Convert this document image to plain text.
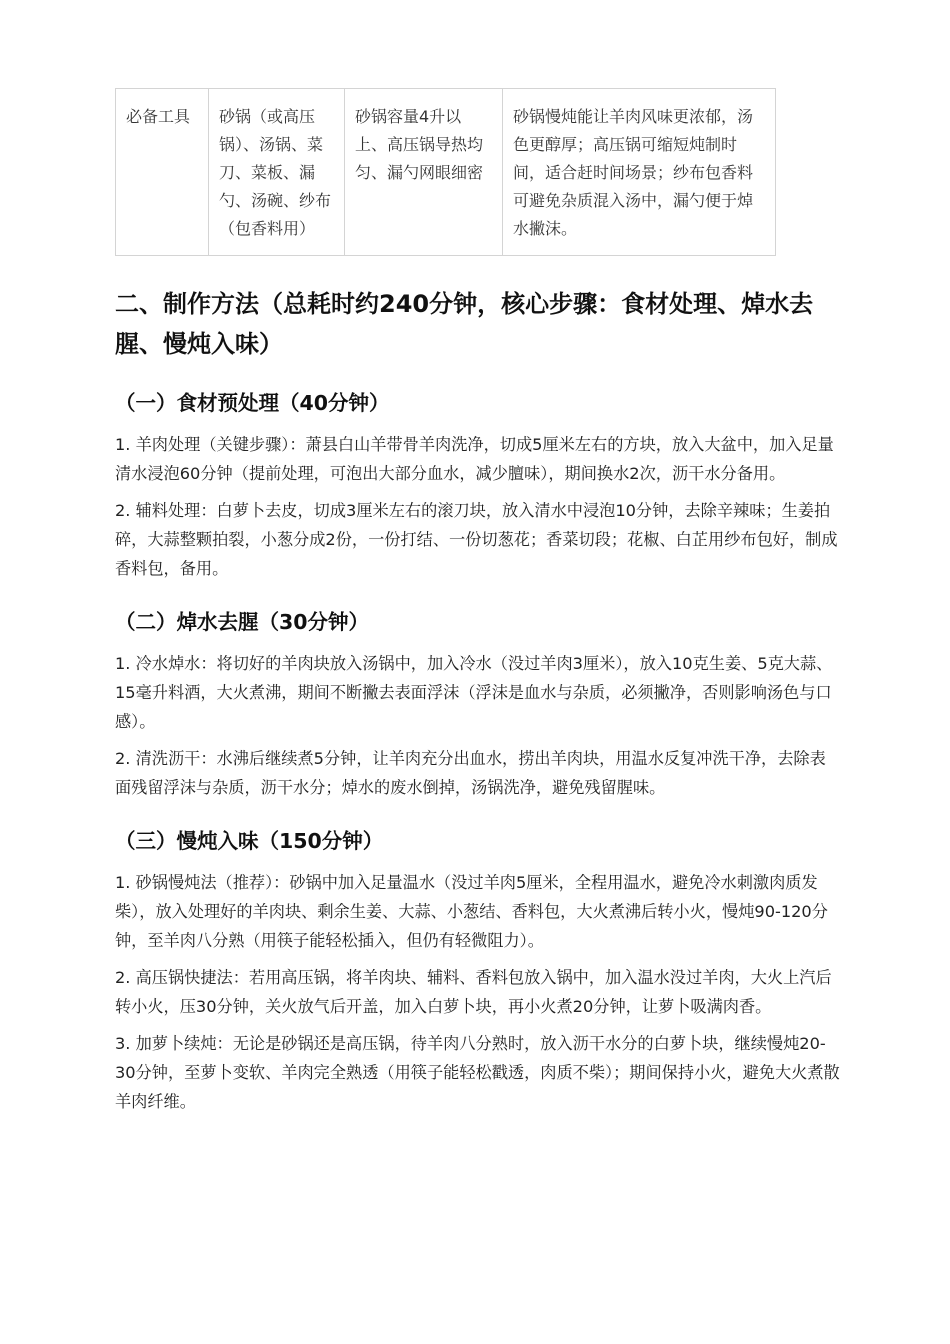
必备工具	砂锅（或高压锅）、汤锅、菜刀、菜板、漏勺、汤碗、纱布（包香料用）	砂锅容量4升以上、高压锅导热均匀、漏勺网眼细密	砂锅慢炖能让羊肉风味更浓郁，汤色更醇厚；高压锅可缩短炖制时间，适合赶时间场景；纱布包香料可避免杂质混入汤中，漏勺便于焯水撇沫。
二、制作方法（总耗时约240分钟，核心步骤：食材处理、焯水去腥、慢炖入味）
（一）食材预处理（40分钟）

1. 羊肉处理（关键步骤）：萧县白山羊带骨羊肉洗净，切成5厘米左右的方块，放入大盆中，加入足量清水浸泡60分钟（提前处理，可泡出大部分血水，减少膻味），期间换水2次，沥干水分备用。

2. 辅料处理：白萝卜去皮，切成3厘米左右的滚刀块，放入清水中浸泡10分钟，去除辛辣味；生姜拍碎，大蒜整颗拍裂，小葱分成2份，一份打结、一份切葱花；香菜切段；花椒、白芷用纱布包好，制成香料包，备用。

（二）焯水去腥（30分钟）

1. 冷水焯水：将切好的羊肉块放入汤锅中，加入冷水（没过羊肉3厘米），放入10克生姜、5克大蒜、15毫升料酒，大火煮沸，期间不断撇去表面浮沫（浮沫是血水与杂质，必须撇净，否则影响汤色与口感）。

2. 清洗沥干：水沸后继续煮5分钟，让羊肉充分出血水，捞出羊肉块，用温水反复冲洗干净，去除表面残留浮沫与杂质，沥干水分；焯水的废水倒掉，汤锅洗净，避免残留腥味。

（三）慢炖入味（150分钟）

1. 砂锅慢炖法（推荐）：砂锅中加入足量温水（没过羊肉5厘米，全程用温水，避免冷水刺激肉质发柴），放入处理好的羊肉块、剩余生姜、大蒜、小葱结、香料包，大火煮沸后转小火，慢炖90-120分钟，至羊肉八分熟（用筷子能轻松插入，但仍有轻微阻力）。

2. 高压锅快捷法：若用高压锅，将羊肉块、辅料、香料包放入锅中，加入温水没过羊肉，大火上汽后转小火，压30分钟，关火放气后开盖，加入白萝卜块，再小火煮20分钟，让萝卜吸满肉香。

3. 加萝卜续炖：无论是砂锅还是高压锅，待羊肉八分熟时，放入沥干水分的白萝卜块，继续慢炖20-30分钟，至萝卜变软、羊肉完全熟透（用筷子能轻松戳透，肉质不柴）；期间保持小火，避免大火煮散羊肉纤维。
